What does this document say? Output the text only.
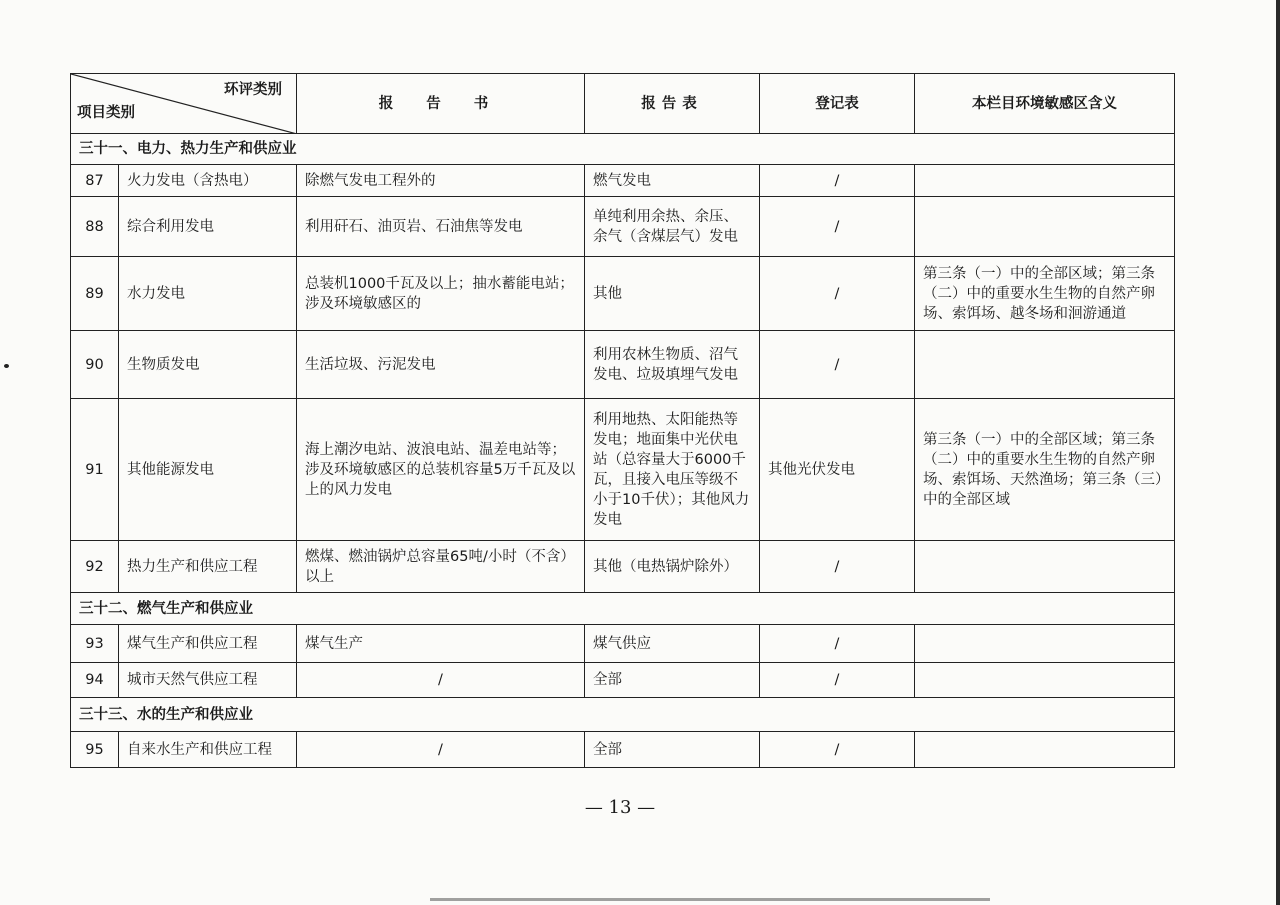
环评类别
项目类别		报 告 书	报告表	登记表	本栏目环境敏感区含义
三十一、电力、热力生产和供应业					
87	火力发电（含热电）	除燃气发电工程外的	燃气发电	/	
88	综合利用发电	利用矸石、油页岩、石油焦等发电	单纯利用余热、余压、余气（含煤层气）发电	/	
89	水力发电	总装机1000千瓦及以上；抽水蓄能电站；涉及环境敏感区的	其他	/	第三条（一）中的全部区域；第三条（二）中的重要水生生物的自然产卵场、索饵场、越冬场和洄游通道
90	生物质发电	生活垃圾、污泥发电	利用农林生物质、沼气发电、垃圾填埋气发电	/	
91	其他能源发电	海上潮汐电站、波浪电站、温差电站等；涉及环境敏感区的总装机容量5万千瓦及以上的风力发电	利用地热、太阳能热等发电；地面集中光伏电站（总容量大于6000千瓦，且接入电压等级不小于10千伏）；其他风力发电	其他光伏发电	第三条（一）中的全部区域；第三条（二）中的重要水生生物的自然产卵场、索饵场、天然渔场；第三条（三）中的全部区域
92	热力生产和供应工程	燃煤、燃油锅炉总容量65吨/小时（不含）以上	其他（电热锅炉除外）	/	
三十二、燃气生产和供应业					
93	煤气生产和供应工程	煤气生产	煤气供应	/	
94	城市天然气供应工程	/	全部	/	
三十三、水的生产和供应业					
95	自来水生产和供应工程	/	全部	/	
— 13 —
